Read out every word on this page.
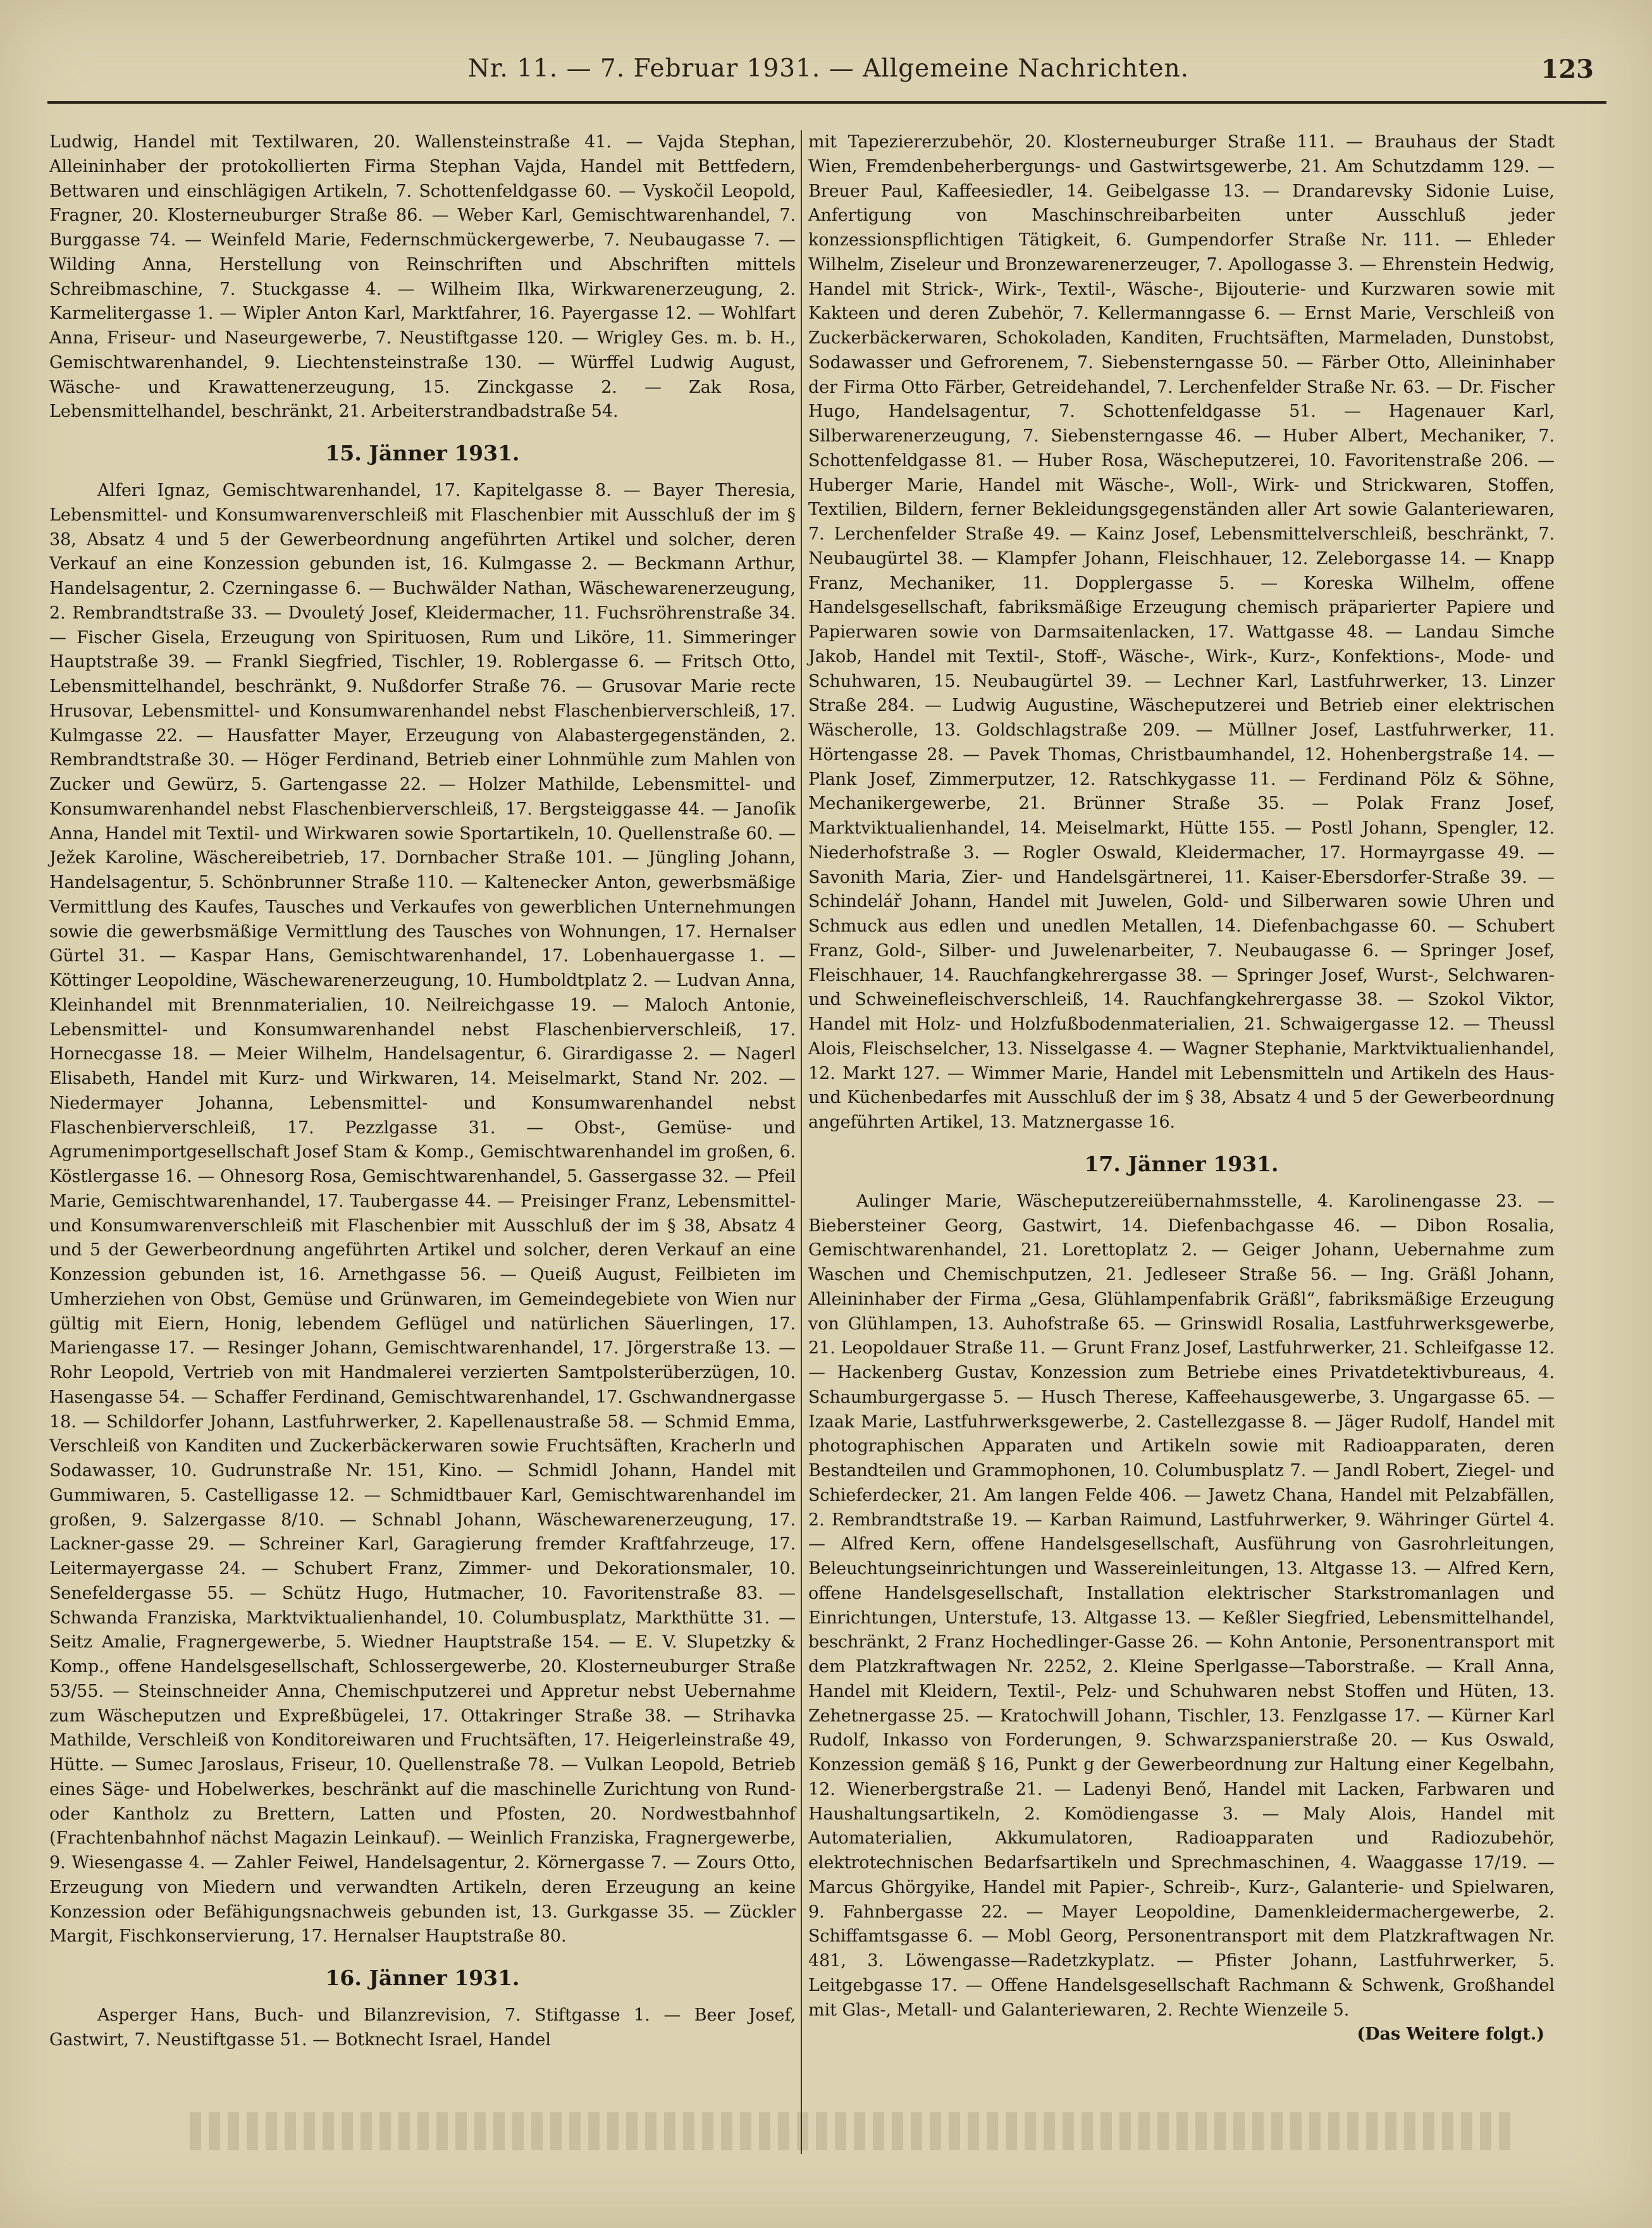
Nr. 11. — 7. Februar 1931. — Allgemeine Nachrichten.	123

Ludwig, Handel mit Textilwaren, 20. Wallensteinstraße 41. — Vajda Stephan, Alleininhaber der protokollierten Firma Stephan Vajda, Handel mit Bettfedern, Bettwaren und einschlägigen Artikeln, 7. Schottenfeldgasse 60. — Vyskočil Leopold, Fragner, 20. Klosterneuburger Straße 86. — Weber Karl, Gemischtwarenhandel, 7. Burggasse 74. — Weinfeld Marie, Federnschmückergewerbe, 7. Neubaugasse 7. — Wilding Anna, Herstellung von Reinschriften und Abschriften mittels Schreibmaschine, 7. Stuckgasse 4. — Wilheim Ilka, Wirkwarenerzeugung, 2. Karmelitergasse 1. — Wipler Anton Karl, Marktfahrer, 16. Payergasse 12. — Wohlfart Anna, Friseur- und Naseurgewerbe, 7. Neustiftgasse 120. — Wrigley Ges. m. b. H., Gemischtwarenhandel, 9. Liechtensteinstraße 130. — Würffel Ludwig August, Wäsche- und Krawattenerzeugung, 15. Zinckgasse 2. — Zak Rosa, Lebensmittelhandel, beschränkt, 21. Arbeiterstrandbadstraße 54.

15. Jänner 1931.

Alferi Ignaz, Gemischtwarenhandel, 17. Kapitelgasse 8. — Bayer Theresia, Lebensmittel- und Konsumwarenverschleiß mit Flaschenbier mit Ausschluß der im § 38, Absatz 4 und 5 der Gewerbeordnung angeführten Artikel und solcher, deren Verkauf an eine Konzession gebunden ist, 16. Kulmgasse 2. — Beckmann Arthur, Handelsagentur, 2. Czerningasse 6. — Buchwälder Nathan, Wäschewarenerzeugung, 2. Rembrandtstraße 33. — Dvouletý Josef, Kleidermacher, 11. Fuchsröhrenstraße 34. — Fischer Gisela, Erzeugung von Spirituosen, Rum und Liköre, 11. Simmeringer Hauptstraße 39. — Frankl Siegfried, Tischler, 19. Roblergasse 6. — Fritsch Otto, Lebensmittelhandel, beschränkt, 9. Nußdorfer Straße 76. — Grusovar Marie recte Hrusovar, Lebensmittel- und Konsumwarenhandel nebst Flaschenbierverschleiß, 17. Kulmgasse 22. — Hausfatter Mayer, Erzeugung von Alabastergegenständen, 2. Rembrandtstraße 30. — Höger Ferdinand, Betrieb einer Lohnmühle zum Mahlen von Zucker und Gewürz, 5. Gartengasse 22. — Holzer Mathilde, Lebensmittel- und Konsumwarenhandel nebst Flaschenbierverschleiß, 17. Bergsteiggasse 44. — Janoſik Anna, Handel mit Textil- und Wirkwaren sowie Sportartikeln, 10. Quellenstraße 60. — Ježek Karoline, Wäschereibetrieb, 17. Dornbacher Straße 101. — Jüngling Johann, Handelsagentur, 5. Schönbrunner Straße 110. — Kaltenecker Anton, gewerbsmäßige Vermittlung des Kaufes, Tausches und Verkaufes von gewerblichen Unternehmungen sowie die gewerbsmäßige Vermittlung des Tausches von Wohnungen, 17. Hernalser Gürtel 31. — Kaspar Hans, Gemischtwarenhandel, 17. Lobenhauergasse 1. — Köttinger Leopoldine, Wäschewarenerzeugung, 10. Humboldtplatz 2. — Ludvan Anna, Kleinhandel mit Brennmaterialien, 10. Neilreichgasse 19. — Maloch Antonie, Lebensmittel- und Konsumwarenhandel nebst Flaschenbierverschleiß, 17. Hornecgasse 18. — Meier Wilhelm, Handelsagentur, 6. Girardigasse 2. — Nagerl Elisabeth, Handel mit Kurz- und Wirkwaren, 14. Meiselmarkt, Stand Nr. 202. — Niedermayer Johanna, Lebensmittel- und Konsumwarenhandel nebst Flaschenbierverschleiß, 17. Pezzlgasse 31. — Obst-, Gemüse- und Agrumenimportgesellschaft Josef Stam & Komp., Gemischtwarenhandel im großen, 6. Köstlergasse 16. — Ohnesorg Rosa, Gemischtwarenhandel, 5. Gassergasse 32. — Pfeil Marie, Gemischtwarenhandel, 17. Taubergasse 44. — Preisinger Franz, Lebensmittel- und Konsumwarenverschleiß mit Flaschenbier mit Ausschluß der im § 38, Absatz 4 und 5 der Gewerbeordnung angeführten Artikel und solcher, deren Verkauf an eine Konzession gebunden ist, 16. Arnethgasse 56. — Queiß August, Feilbieten im Umherziehen von Obst, Gemüse und Grünwaren, im Gemeindegebiete von Wien nur gültig mit Eiern, Honig, lebendem Geflügel und natürlichen Säuerlingen, 17. Mariengasse 17. — Resinger Johann, Gemischtwarenhandel, 17. Jörgerstraße 13. — Rohr Leopold, Vertrieb von mit Handmalerei verzierten Samtpolsterüberzügen, 10. Hasengasse 54. — Schaffer Ferdinand, Gemischtwarenhandel, 17. Gschwandnergasse 18. — Schildorfer Johann, Lastfuhrwerker, 2. Kapellenaustraße 58. — Schmid Emma, Verschleiß von Kanditen und Zuckerbäckerwaren sowie Fruchtsäften, Kracherln und Sodawasser, 10. Gudrunstraße Nr. 151, Kino. — Schmidl Johann, Handel mit Gummiwaren, 5. Castelligasse 12. — Schmidtbauer Karl, Gemischtwarenhandel im großen, 9. Salzergasse 8/10. — Schnabl Johann, Wäschewarenerzeugung, 17. Lackner-gasse 29. — Schreiner Karl, Garagierung fremder Kraftfahrzeuge, 17. Leitermayergasse 24. — Schubert Franz, Zimmer- und Dekorationsmaler, 10. Senefeldergasse 55. — Schütz Hugo, Hutmacher, 10. Favoritenstraße 83. — Schwanda Franziska, Marktviktualienhandel, 10. Columbusplatz, Markthütte 31. — Seitz Amalie, Fragnergewerbe, 5. Wiedner Hauptstraße 154. — E. V. Slupetzky & Komp., offene Handelsgesellschaft, Schlossergewerbe, 20. Klosterneuburger Straße 53/55. — Steinschneider Anna, Chemischputzerei und Appretur nebst Uebernahme zum Wäscheputzen und Expreßbügelei, 17. Ottakringer Straße 38. — Strihavka Mathilde, Verschleiß von Konditoreiwaren und Fruchtsäften, 17. Heigerleinstraße 49, Hütte. — Sumec Jaroslaus, Friseur, 10. Quellenstraße 78. — Vulkan Leopold, Betrieb eines Säge- und Hobelwerkes, beschränkt auf die maschinelle Zurichtung von Rund- oder Kantholz zu Brettern, Latten und Pfosten, 20. Nordwestbahnhof (Frachtenbahnhof nächst Magazin Leinkauf). — Weinlich Franziska, Fragnergewerbe, 9. Wiesengasse 4. — Zahler Feiwel, Handelsagentur, 2. Körnergasse 7. — Zours Otto, Erzeugung von Miedern und verwandten Artikeln, deren Erzeugung an keine Konzession oder Befähigungsnachweis gebunden ist, 13. Gurkgasse 35. — Zückler Margit, Fischkonservierung, 17. Hernalser Hauptstraße 80.

16. Jänner 1931.

Asperger Hans, Buch- und Bilanzrevision, 7. Stiftgasse 1. — Beer Josef, Gastwirt, 7. Neustiftgasse 51. — Botknecht Israel, Handel

mit Tapeziererzubehör, 20. Klosterneuburger Straße 111. — Brauhaus der Stadt Wien, Fremdenbeherbergungs- und Gastwirtsgewerbe, 21. Am Schutzdamm 129. — Breuer Paul, Kaffeesiedler, 14. Geibelgasse 13. — Drandarevsky Sidonie Luise, Anfertigung von Maschinschreibarbeiten unter Ausschluß jeder konzessionspflichtigen Tätigkeit, 6. Gumpendorfer Straße Nr. 111. — Ehleder Wilhelm, Ziseleur und Bronzewarenerzeuger, 7. Apollogasse 3. — Ehrenstein Hedwig, Handel mit Strick-, Wirk-, Textil-, Wäsche-, Bijouterie- und Kurzwaren sowie mit Kakteen und deren Zubehör, 7. Kellermanngasse 6. — Ernst Marie, Verschleiß von Zuckerbäckerwaren, Schokoladen, Kanditen, Fruchtsäften, Marmeladen, Dunstobst, Sodawasser und Gefrorenem, 7. Siebensterngasse 50. — Färber Otto, Alleininhaber der Firma Otto Färber, Getreidehandel, 7. Lerchenfelder Straße Nr. 63. — Dr. Fischer Hugo, Handelsagentur, 7. Schottenfeldgasse 51. — Hagenauer Karl, Silberwarenerzeugung, 7. Siebensterngasse 46. — Huber Albert, Mechaniker, 7. Schottenfeldgasse 81. — Huber Rosa, Wäscheputzerei, 10. Favoritenstraße 206. — Huberger Marie, Handel mit Wäsche-, Woll-, Wirk- und Strickwaren, Stoffen, Textilien, Bildern, ferner Bekleidungsgegenständen aller Art sowie Galanteriewaren, 7. Lerchenfelder Straße 49. — Kainz Josef, Lebensmittelverschleiß, beschränkt, 7. Neubaugürtel 38. — Klampfer Johann, Fleischhauer, 12. Zeleborgasse 14. — Knapp Franz, Mechaniker, 11. Dopplergasse 5. — Koreska Wilhelm, offene Handelsgesellschaft, fabriksmäßige Erzeugung chemisch präparierter Papiere und Papierwaren sowie von Darmsaitenlacken, 17. Wattgasse 48. — Landau Simche Jakob, Handel mit Textil-, Stoff-, Wäsche-, Wirk-, Kurz-, Konfektions-, Mode- und Schuhwaren, 15. Neubaugürtel 39. — Lechner Karl, Lastfuhrwerker, 13. Linzer Straße 284. — Ludwig Augustine, Wäscheputzerei und Betrieb einer elektrischen Wäscherolle, 13. Goldschlagstraße 209. — Müllner Josef, Lastfuhrwerker, 11. Hörtengasse 28. — Pavek Thomas, Christbaumhandel, 12. Hohenbergstraße 14. — Plank Josef, Zimmerputzer, 12. Ratschkygasse 11. — Ferdinand Pölz & Söhne, Mechanikergewerbe, 21. Brünner Straße 35. — Polak Franz Josef, Marktviktualienhandel, 14. Meiselmarkt, Hütte 155. — Postl Johann, Spengler, 12. Niederhofstraße 3. — Rogler Oswald, Kleidermacher, 17. Hormayrgasse 49. — Savonith Maria, Zier- und Handelsgärtnerei, 11. Kaiser-Ebersdorfer-Straße 39. — Schindelář Johann, Handel mit Juwelen, Gold- und Silberwaren sowie Uhren und Schmuck aus edlen und unedlen Metallen, 14. Diefenbachgasse 60. — Schubert Franz, Gold-, Silber- und Juwelenarbeiter, 7. Neubaugasse 6. — Springer Josef, Fleischhauer, 14. Rauchfangkehrergasse 38. — Springer Josef, Wurst-, Selchwaren- und Schweinefleischverschleiß, 14. Rauchfangkehrergasse 38. — Szokol Viktor, Handel mit Holz- und Holzfußbodenmaterialien, 21. Schwaigergasse 12. — Theussl Alois, Fleischselcher, 13. Nisselgasse 4. — Wagner Stephanie, Marktviktualienhandel, 12. Markt 127. — Wimmer Marie, Handel mit Lebensmitteln und Artikeln des Haus- und Küchenbedarfes mit Ausschluß der im § 38, Absatz 4 und 5 der Gewerbeordnung angeführten Artikel, 13. Matznergasse 16.

17. Jänner 1931.

Aulinger Marie, Wäscheputzereiübernahmsstelle, 4. Karolinengasse 23. — Biebersteiner Georg, Gastwirt, 14. Diefenbachgasse 46. — Dibon Rosalia, Gemischtwarenhandel, 21. Lorettoplatz 2. — Geiger Johann, Uebernahme zum Waschen und Chemischputzen, 21. Jedleseer Straße 56. — Ing. Gräßl Johann, Alleininhaber der Firma „Gesa, Glühlampenfabrik Gräßl“, fabriksmäßige Erzeugung von Glühlampen, 13. Auhofstraße 65. — Grinswidl Rosalia, Lastfuhrwerksgewerbe, 21. Leopoldauer Straße 11. — Grunt Franz Josef, Lastfuhrwerker, 21. Schleifgasse 12. — Hackenberg Gustav, Konzession zum Betriebe eines Privatdetektivbureaus, 4. Schaumburgergasse 5. — Husch Therese, Kaffeehausgewerbe, 3. Ungargasse 65. — Izaak Marie, Lastfuhrwerksgewerbe, 2. Castellezgasse 8. — Jäger Rudolf, Handel mit photographischen Apparaten und Artikeln sowie mit Radioapparaten, deren Bestandteilen und Grammophonen, 10. Columbusplatz 7. — Jandl Robert, Ziegel- und Schieferdecker, 21. Am langen Felde 406. — Jawetz Chana, Handel mit Pelzabfällen, 2. Rembrandtstraße 19. — Karban Raimund, Lastfuhrwerker, 9. Währinger Gürtel 4. — Alfred Kern, offene Handelsgesellschaft, Ausführung von Gasrohrleitungen, Beleuchtungseinrichtungen und Wassereinleitungen, 13. Altgasse 13. — Alfred Kern, offene Handelsgesellschaft, Installation elektrischer Starkstromanlagen und Einrichtungen, Unterstufe, 13. Altgasse 13. — Keßler Siegfried, Lebensmittelhandel, beschränkt, 2 Franz Hochedlinger-Gasse 26. — Kohn Antonie, Personentransport mit dem Platzkraftwagen Nr. 2252, 2. Kleine Sperlgasse—Taborstraße. — Krall Anna, Handel mit Kleidern, Textil-, Pelz- und Schuhwaren nebst Stoffen und Hüten, 13. Zehetnergasse 25. — Kratochwill Johann, Tischler, 13. Fenzlgasse 17. — Kürner Karl Rudolf, Inkasso von Forderungen, 9. Schwarzspanierstraße 20. — Kus Oswald, Konzession gemäß § 16, Punkt g der Gewerbeordnung zur Haltung einer Kegelbahn, 12. Wienerbergstraße 21. — Ladenyi Benő, Handel mit Lacken, Farbwaren und Haushaltungsartikeln, 2. Komödiengasse 3. — Maly Alois, Handel mit Automaterialien, Akkumulatoren, Radioapparaten und Radiozubehör, elektrotechnischen Bedarfsartikeln und Sprechmaschinen, 4. Waaggasse 17/19. — Marcus Ghörgyike, Handel mit Papier-, Schreib-, Kurz-, Galanterie- und Spielwaren, 9. Fahnbergasse 22. — Mayer Leopoldine, Damenkleidermachergewerbe, 2. Schiffamtsgasse 6. — Mobl Georg, Personentransport mit dem Platzkraftwagen Nr. 481, 3. Löwengasse—Radetzkyplatz. — Pfister Johann, Lastfuhrwerker, 5. Leitgebgasse 17. — Offene Handelsgesellschaft Rachmann & Schwenk, Großhandel mit Glas-, Metall- und Galanteriewaren, 2. Rechte Wienzeile 5.

(Das Weitere folgt.)
